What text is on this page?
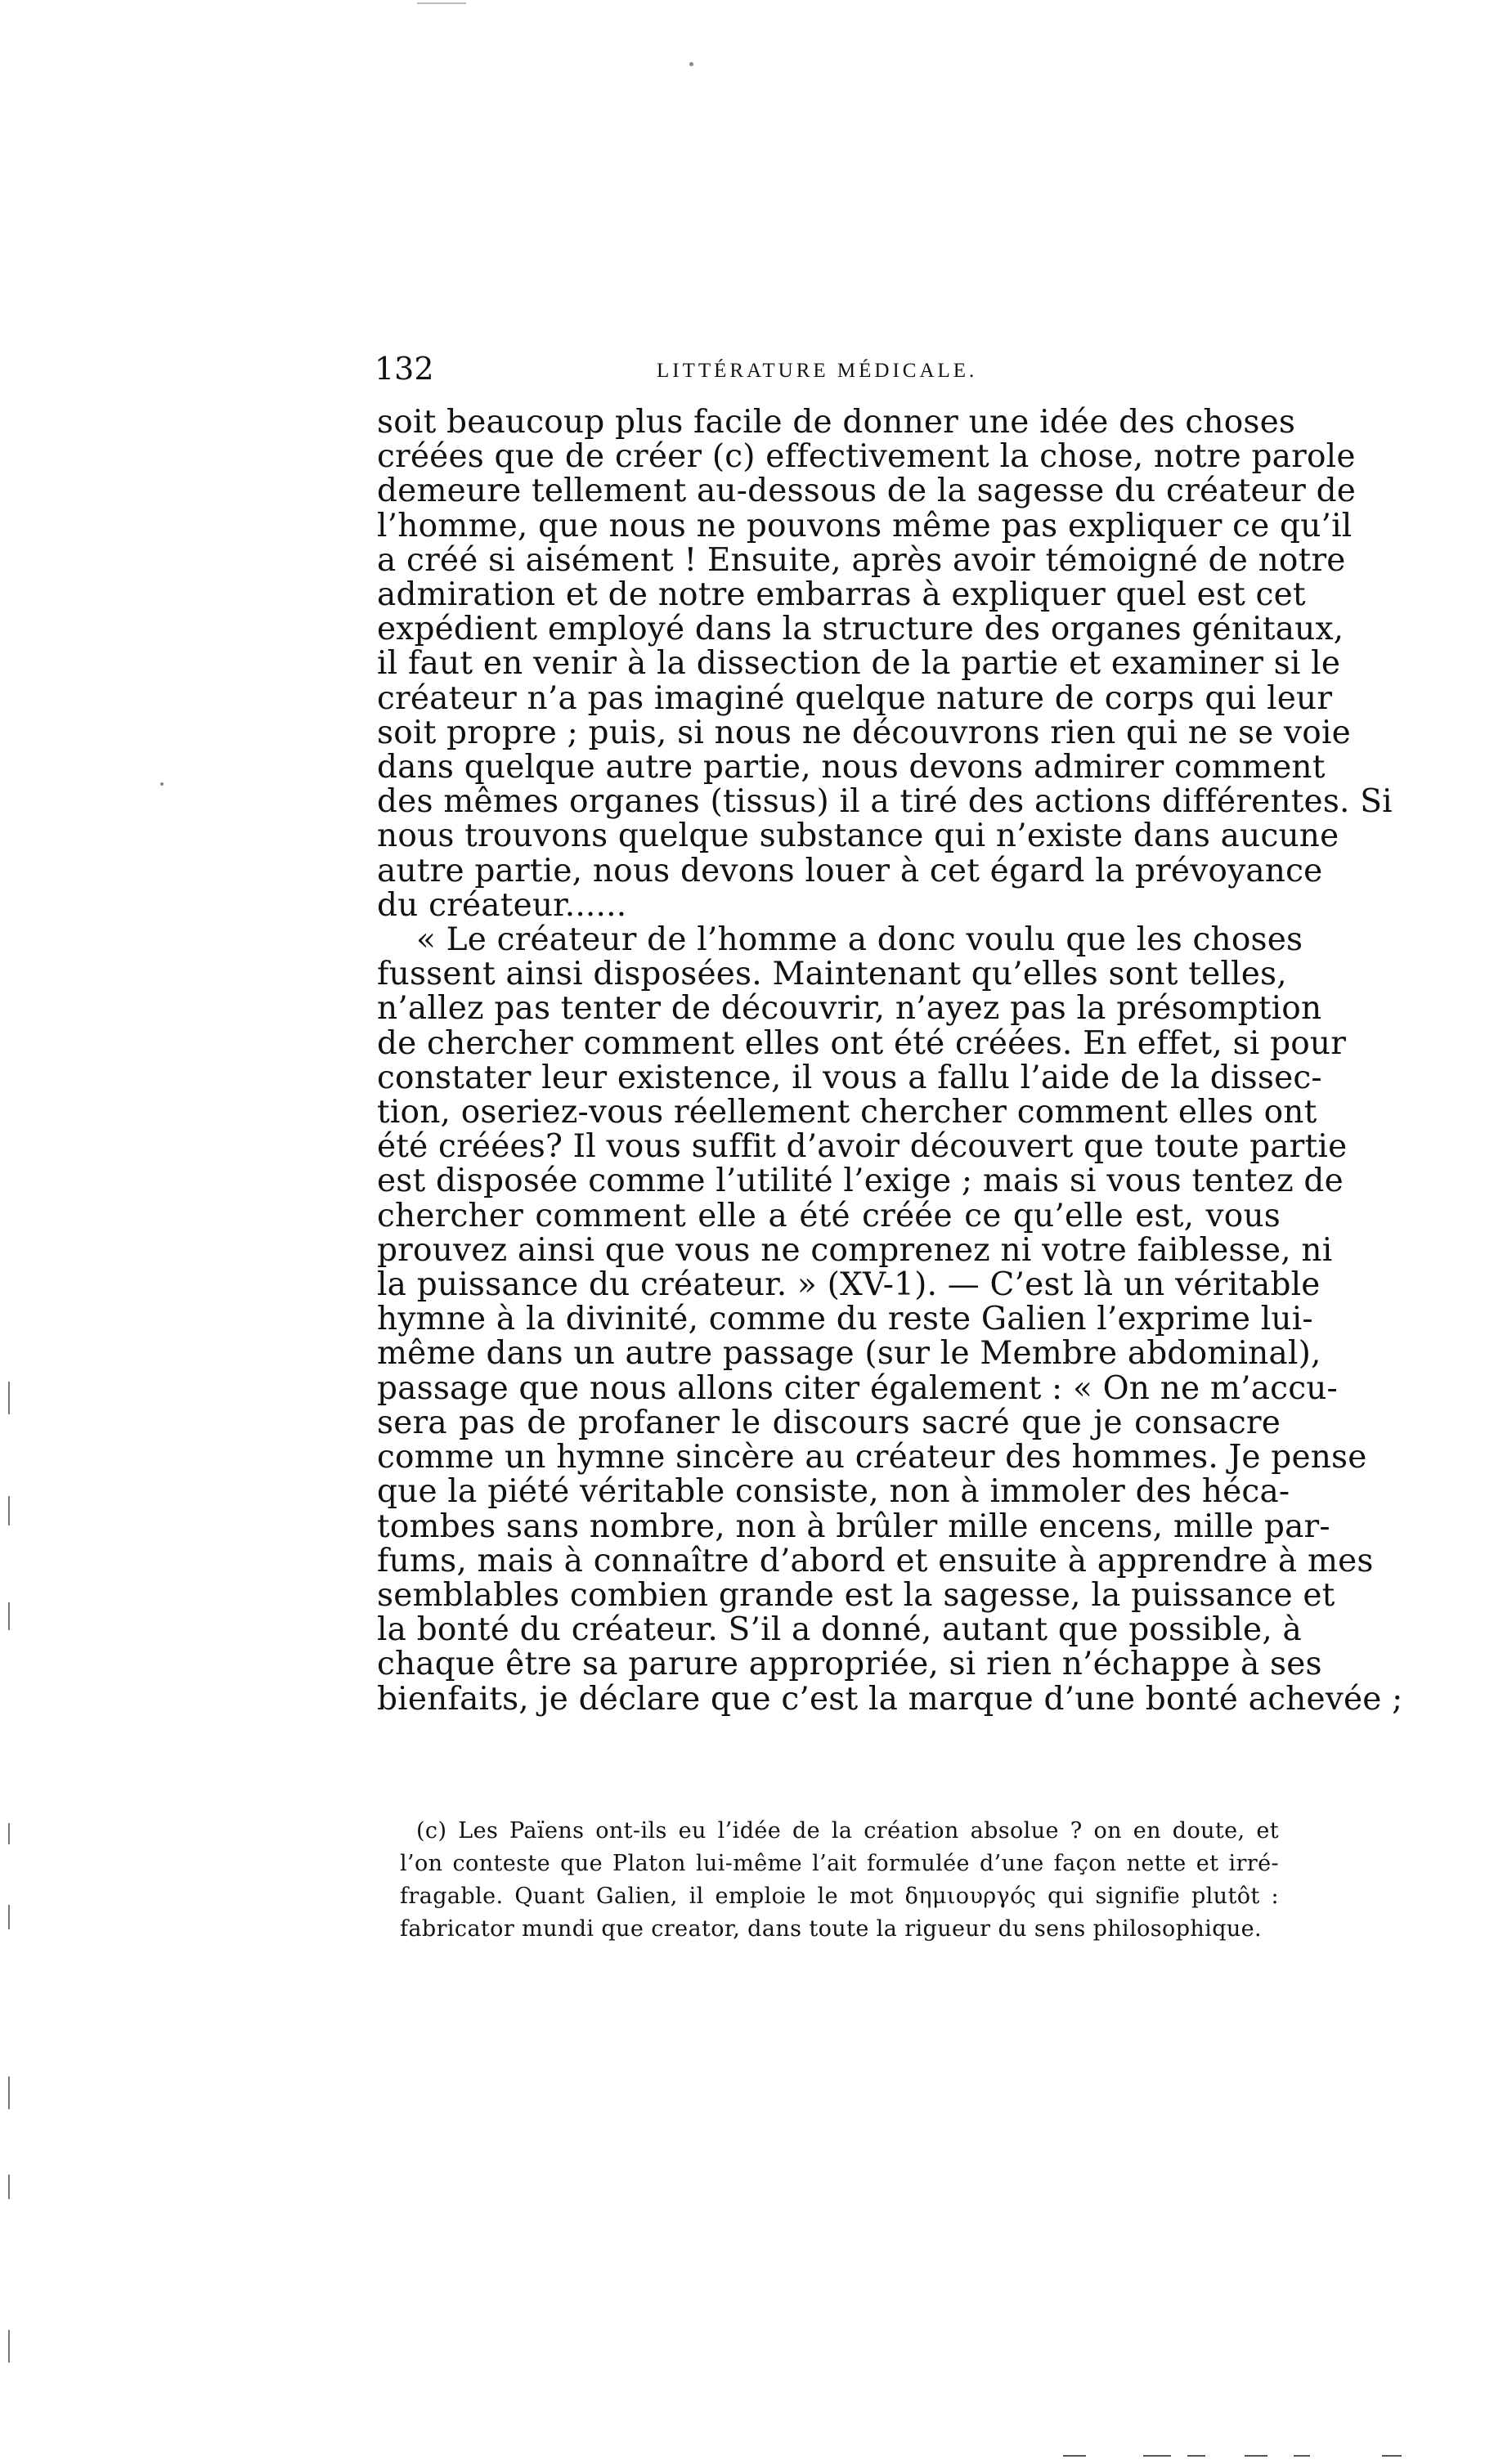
132	LITTÉRATURE MÉDICALE.
soit beaucoup plus facile de donner une idée des choses
créées que de créer (c) effectivement la chose, notre parole
demeure tellement au-dessous de la sagesse du créateur de
l’homme, que nous ne pouvons même pas expliquer ce qu’il
a créé si aisément ! Ensuite, après avoir témoigné de notre
admiration et de notre embarras à expliquer quel est cet
expédient employé dans la structure des organes génitaux,
il faut en venir à la dissection de la partie et examiner si le
créateur n’a pas imaginé quelque nature de corps qui leur
soit propre ; puis, si nous ne découvrons rien qui ne se voie
dans quelque autre partie, nous devons admirer comment
des mêmes organes (tissus) il a tiré des actions différentes. Si
nous trouvons quelque substance qui n’existe dans aucune
autre partie, nous devons louer à cet égard la prévoyance
du créateur......
« Le créateur de l’homme a donc voulu que les choses
fussent ainsi disposées. Maintenant qu’elles sont telles,
n’allez pas tenter de découvrir, n’ayez pas la présomption
de chercher comment elles ont été créées. En effet, si pour
constater leur existence, il vous a fallu l’aide de la dissec-
tion, oseriez-vous réellement chercher comment elles ont
été créées? Il vous suffit d’avoir découvert que toute partie
est disposée comme l’utilité l’exige ; mais si vous tentez de
chercher comment elle a été créée ce qu’elle est, vous
prouvez ainsi que vous ne comprenez ni votre faiblesse, ni
la puissance du créateur. » (XV-1). — C’est là un véritable
hymne à la divinité, comme du reste Galien l’exprime lui-
même dans un autre passage (sur le Membre abdominal),
passage que nous allons citer également : « On ne m’accu-
sera pas de profaner le discours sacré que je consacre
comme un hymne sincère au créateur des hommes. Je pense
que la piété véritable consiste, non à immoler des héca-
tombes sans nombre, non à brûler mille encens, mille par-
fums, mais à connaître d’abord et ensuite à apprendre à mes
semblables combien grande est la sagesse, la puissance et
la bonté du créateur. S’il a donné, autant que possible, à
chaque être sa parure appropriée, si rien n’échappe à ses
bienfaits, je déclare que c’est la marque d’une bonté achevée ;
(c) Les Païens ont-ils eu l’idée de la création absolue ? on en doute, et
l’on conteste que Platon lui-même l’ait formulée d’une façon nette et irré-
fragable. Quant Galien, il emploie le mot δημιουργός qui signifie plutôt :
fabricator mundi que creator, dans toute la rigueur du sens philosophique.
